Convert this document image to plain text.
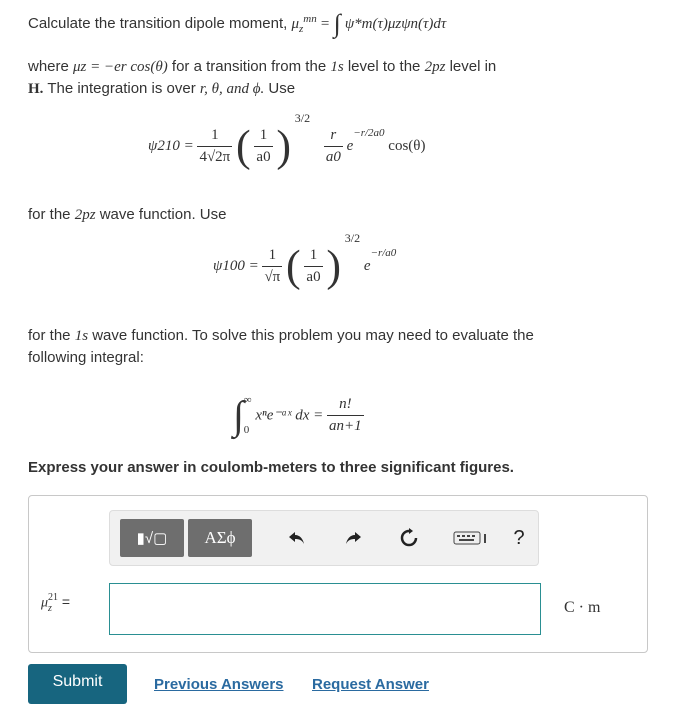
Calculate the transition dipole moment, $\mu_z^{mn}$ = ∫ ψ*m(τ)μzψn(τ)dτ
where μz = −er cos(θ) for a transition from the 1s level to the 2pz level in
H. The integration is over r, θ, and ϕ. Use
$\psi 210 = \frac{1}{4√2\pi}$ ( $\frac{1}{a0}$ ) $^{3/2}$
$\frac{r}{a0} e^{-r/2a0}$ cos(θ)
for the 2pz wave function. Use
$\psi 100 = \frac{1}{√\pi}$ ( $\frac{1}{a0}$ ) $^{3/2}$ $e^{-r/a0}$
for the 1s wave function. To solve this problem you may need to evaluate the
following integral:
∫ ∞
0
xⁿe⁻ᵃˣ dx = $\frac{n!}{an+1}$
Express your answer in coulomb-meters to three significant figures.
▮√▢ ΑΣϕ	?
μ 21
z =	C · m
Submit	Previous Answers Request Answer
